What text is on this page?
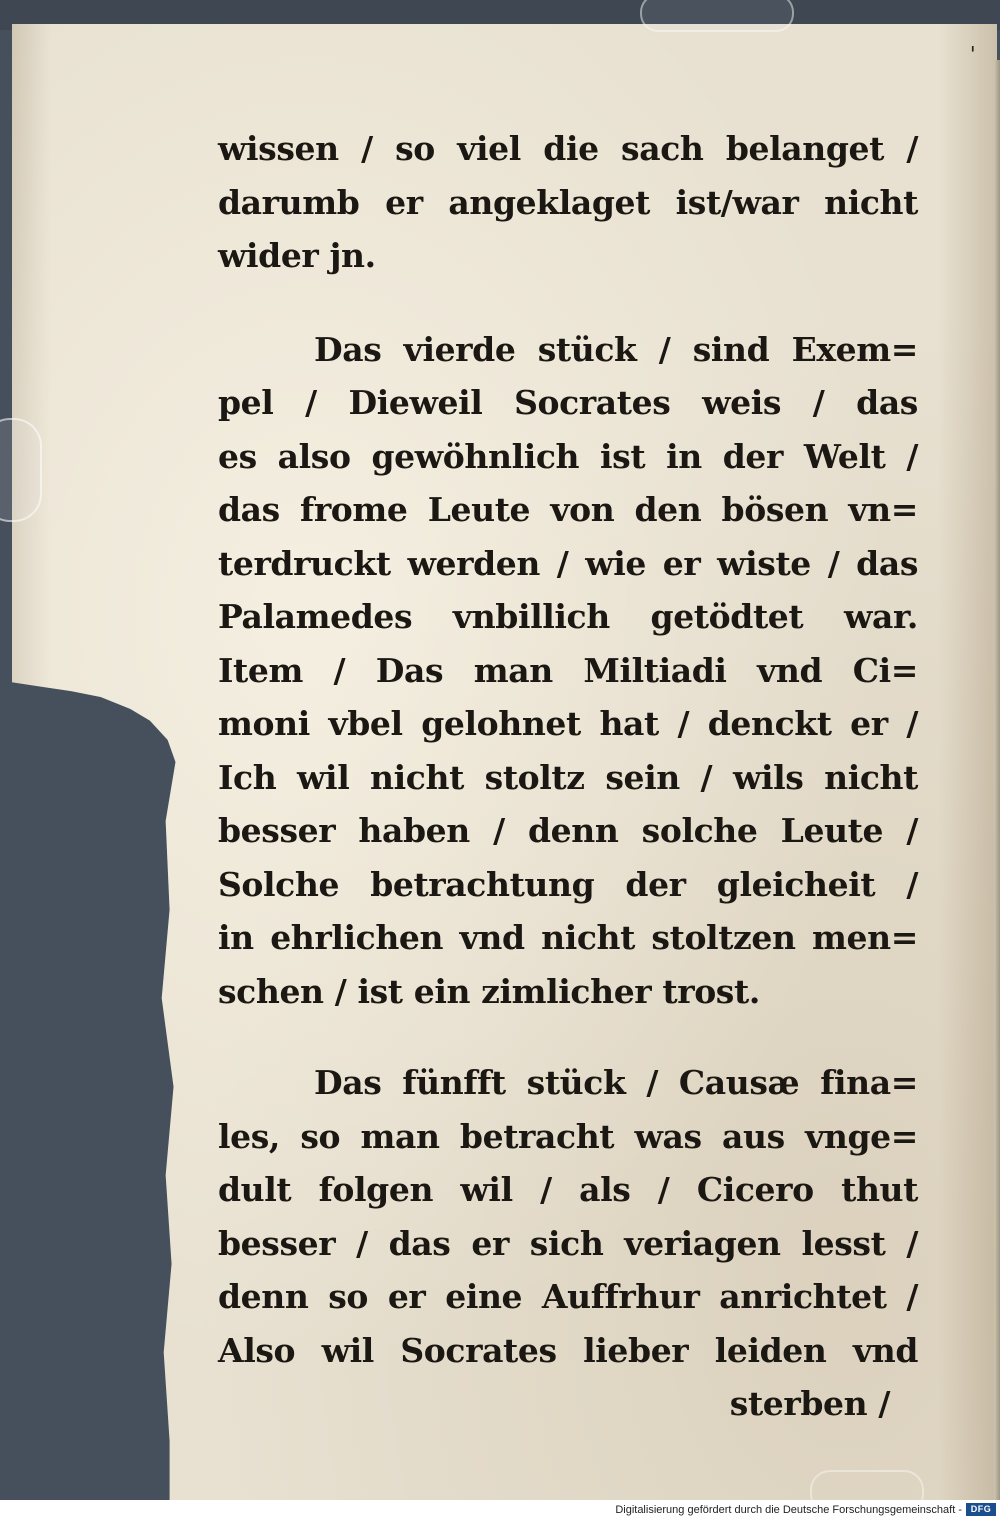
'
wissen / so viel die sach belanget /
darumb er angeklaget ist/war nicht
wider jn.
Das vierde stück / sind Exem=
pel / Dieweil Socrates weis / das
es also gewöhnlich ist in der Welt /
das frome Leute von den bösen vn=
terdruckt werden / wie er wiste / das
Palamedes vnbillich getödtet war.
Item / Das man Miltiadi vnd Ci=
moni vbel gelohnet hat / denckt er /
Ich wil nicht stoltz sein / wils nicht
besser haben / denn solche Leute /
Solche betrachtung der gleicheit /
in ehrlichen vnd nicht stoltzen men=
schen / ist ein zimlicher trost.
Das fünfft stück / Causæ fina=
les, so man betracht was aus vnge=
dult folgen wil / als / Cicero thut
besser / das er sich veriagen lesst /
denn so er eine Auffrhur anrichtet /
Also wil Socrates lieber leiden vnd
sterben /
Digitalisierung gefördert durch die Deutsche Forschungsgemeinschaft - DFG
